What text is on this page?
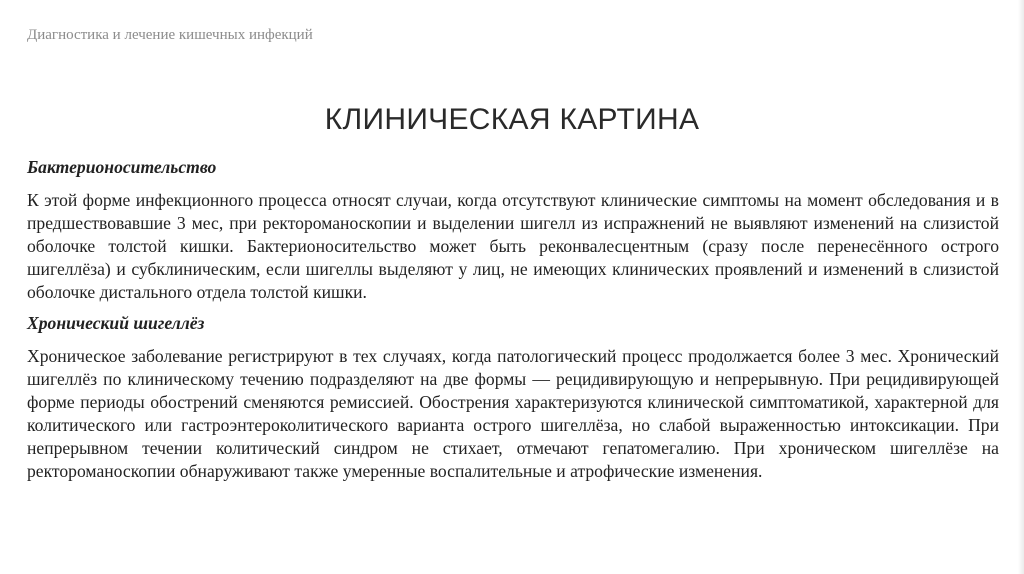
Диагностика и лечение кишечных инфекций
КЛИНИЧЕСКАЯ КАРТИНА
Бактерионосительство
К этой форме инфекционного процесса относят случаи, когда отсутствуют клинические симптомы на момент обследования и в предшествовавшие 3 мес, при ректороманоскопии и выделении шигелл из испражнений не выявляют изменений на слизистой оболочке толстой кишки. Бактерионосительство может быть реконвалесцентным (сразу после перенесённого острого шигеллёза) и субклиническим, если шигеллы выделяют у лиц, не имеющих клинических проявлений и изменений в слизистой оболочке дистального отдела толстой кишки.
Хронический шигеллёз
Хроническое заболевание регистрируют в тех случаях, когда патологический процесс продолжается более 3 мес. Хронический шигеллёз по клиническому течению подразделяют на две формы — рецидивирующую и непрерывную. При рецидивирующей форме периоды обострений сменяются ремиссией. Обострения характеризуются клинической симптоматикой, характерной для колитического или гастроэнтероколитического варианта острого шигеллёза, но слабой выраженностью интоксикации. При непрерывном течении колитический синдром не стихает, отмечают гепатомегалию. При хроническом шигеллёзе на ректороманоскопии обнаруживают также умеренные воспалительные и атрофические изменения.
